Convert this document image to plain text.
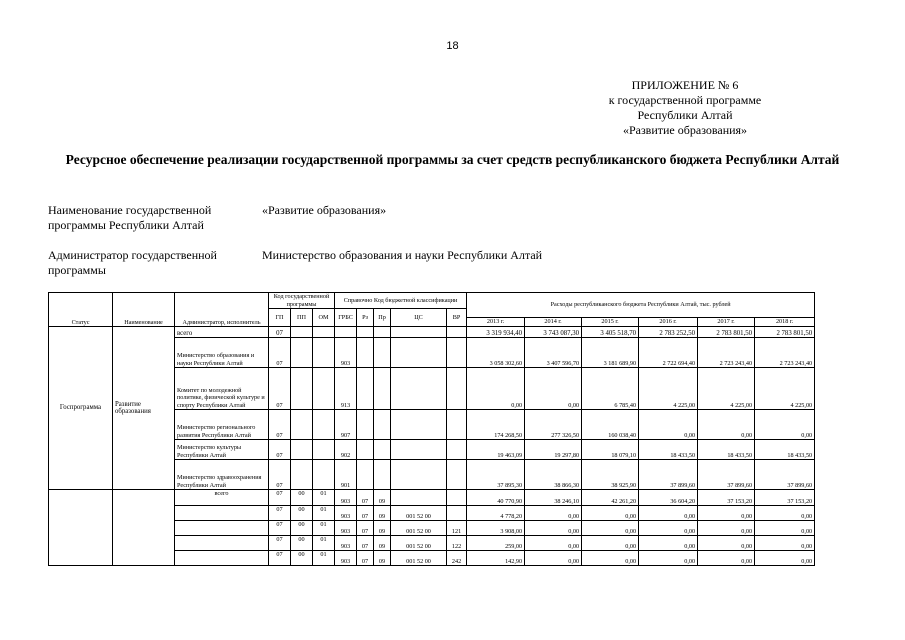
18
ПРИЛОЖЕНИЕ № 6
к государственной программе
Республики Алтай
«Развитие образования»
Ресурсное обеспечение реализации государственной программы за счет средств республиканского бюджета Республики Алтай
Наименование государственной программы Республики Алтай
«Развитие образования»
Администратор государственной программы
Министерство образования и науки Республики Алтай
Статус	Наименование	Администратор, исполнитель	Код государственной программы			Справочно Код бюджетной классификации					Расходы республиканского бюджета Республики Алтай, тыс. рублей					
			ГП	ПП	ОМ	ГРБС	Рз	Пр	ЦС	ВР						
											2013 г.	2014 г.	2015 г.	2016 г.	2017 г.	2018 г.
Госпрограмма	Развитие образования	всего	07								3 319 934,40	3 743 087,30	3 405 518,70	2 783 252,50	2 783 801,50	2 783 801,50
		Министерство образования и науки Республики Алтай	07			903					3 058 302,60	3 407 596,70	3 181 689,90	2 722 694,40	2 723 243,40	2 723 243,40
		Комитет по молодежной политике, физической культуре и спорту Республики Алтай	07			913					0,00	0,00	6 785,40	4 225,00	4 225,00	4 225,00
		Министерство регионального развития Республики Алтай	07			907					174 268,50	277 326,50	160 038,40	0,00	0,00	0,00
		Министерство культуры Республики Алтай	07			902					19 463,09	19 297,80	18 079,10	18 433,50	18 433,50	18 433,50
		Министерство здравоохранения Республики Алтай	07			901					37 895,30	38 866,30	38 925,90	37 899,60	37 899,60	37 899,60
		всего	07	00	01	903	07	09			40 770,90	38 246,10	42 261,20	36 604,20	37 153,20	37 153,20
			07	00	01	903	07	09	001 52 00		4 778,20	0,00	0,00	0,00	0,00	0,00
			07	00	01	903	07	09	001 52 00	121	3 908,00	0,00	0,00	0,00	0,00	0,00
			07	00	01	903	07	09	001 52 00	122	259,00	0,00	0,00	0,00	0,00	0,00
			07	00	01	903	07	09	001 52 00	242	142,90	0,00	0,00	0,00	0,00	0,00
